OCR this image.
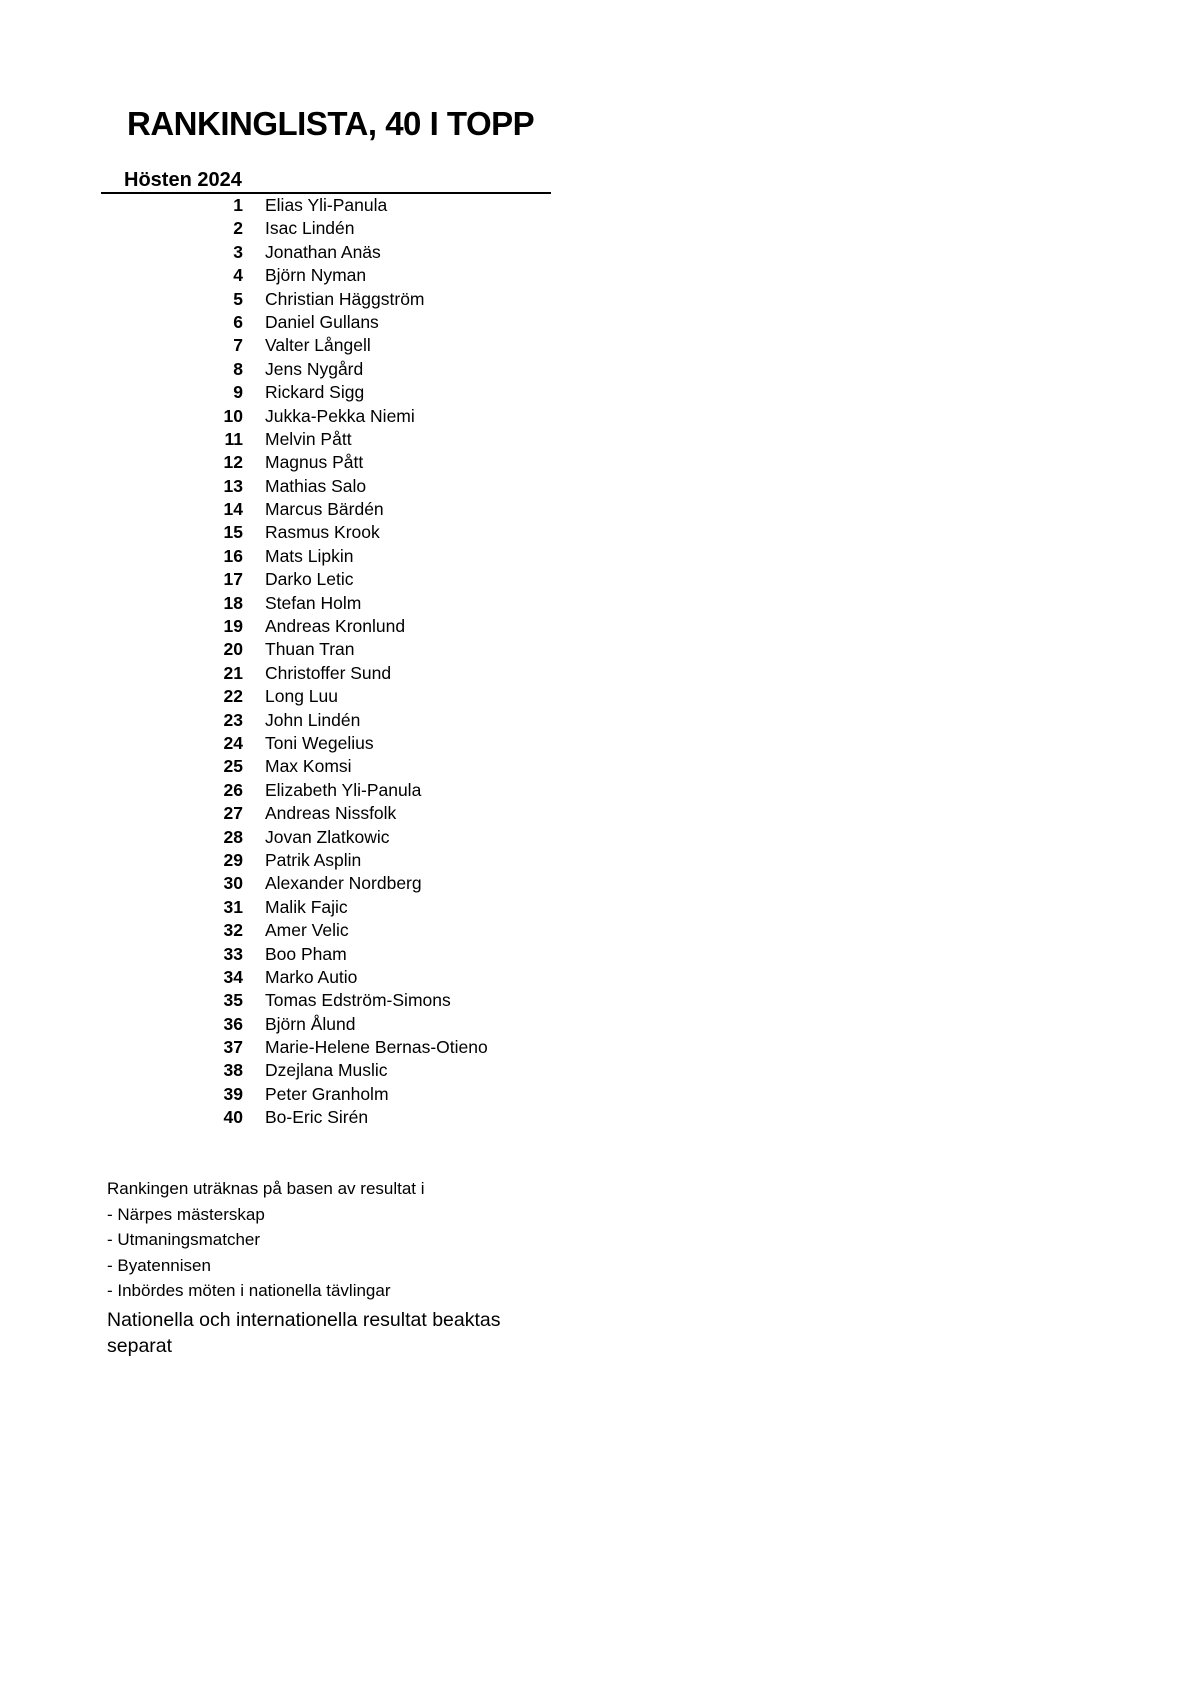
RANKINGLISTA, 40 I TOPP
Hösten 2024
1 Elias Yli-Panula
2 Isac Lindén
3 Jonathan Anäs
4 Björn Nyman
5 Christian Häggström
6 Daniel Gullans
7 Valter Långell
8 Jens Nygård
9 Rickard Sigg
10 Jukka-Pekka Niemi
11 Melvin Pått
12 Magnus Pått
13 Mathias Salo
14 Marcus Bärdén
15 Rasmus Krook
16 Mats Lipkin
17 Darko Letic
18 Stefan Holm
19 Andreas Kronlund
20 Thuan Tran
21 Christoffer Sund
22 Long Luu
23 John Lindén
24 Toni Wegelius
25 Max Komsi
26 Elizabeth Yli-Panula
27 Andreas Nissfolk
28 Jovan Zlatkowic
29 Patrik Asplin
30 Alexander Nordberg
31 Malik Fajic
32 Amer Velic
33 Boo Pham
34 Marko Autio
35 Tomas Edström-Simons
36 Björn Ålund
37 Marie-Helene Bernas-Otieno
38 Dzejlana Muslic
39 Peter Granholm
40 Bo-Eric Sirén
Rankingen uträknas på basen av resultat i
- Närpes mästerskap
- Utmaningsmatcher
- Byatennisen
- Inbördes möten i nationella tävlingar
Nationella och internationella resultat beaktas separat
